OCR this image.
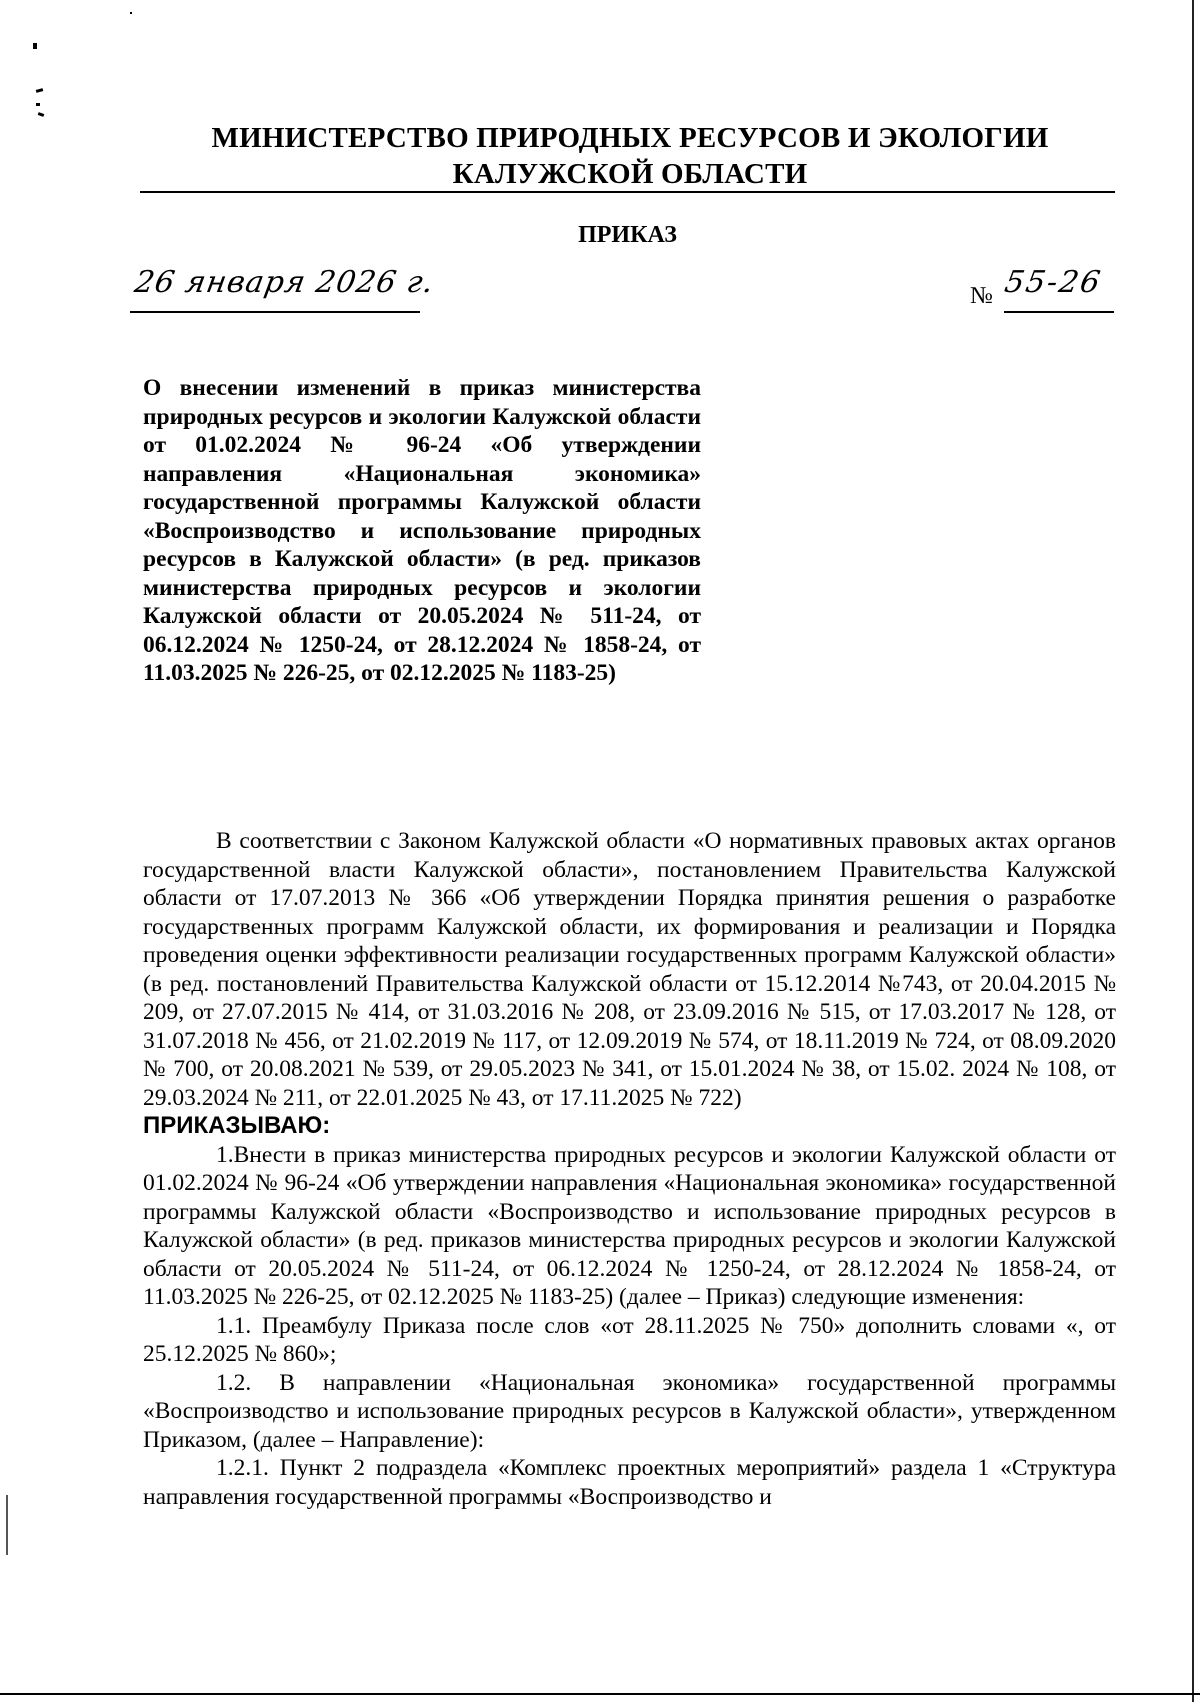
МИНИСТЕРСТВО ПРИРОДНЫХ РЕСУРСОВ И ЭКОЛОГИИ
КАЛУЖСКОЙ ОБЛАСТИ
ПРИКАЗ
26 января 2026 г.	№ 55-26
О внесении изменений в приказ министерства природных ресурсов и экологии Калужской области от 01.02.2024 № 96-24 «Об утверждении направления «Национальная экономика» государственной программы Калужской области «Воспроизводство и использование природных ресурсов в Калужской области» (в ред. приказов министерства природных ресурсов и экологии Калужской области от 20.05.2024 № 511-24, от 06.12.2024 № 1250-24, от 28.12.2024 № 1858-24, от 11.03.2025 № 226-25, от 02.12.2025 № 1183-25)

В соответствии с Законом Калужской области «О нормативных правовых актах органов государственной власти Калужской области», постановлением Правительства Калужской области от 17.07.2013 № 366 «Об утверждении Порядка принятия решения о разработке государственных программ Калужской области, их формирования и реализации и Порядка проведения оценки эффективности реализации государственных программ Калужской области» (в ред. постановлений Правительства Калужской области от 15.12.2014 №743, от 20.04.2015 № 209, от 27.07.2015 № 414, от 31.03.2016 № 208, от 23.09.2016 № 515, от 17.03.2017 № 128, от 31.07.2018 № 456, от 21.02.2019 № 117, от 12.09.2019 № 574, от 18.11.2019 № 724, от 08.09.2020 № 700, от 20.08.2021 № 539, от 29.05.2023 № 341, от 15.01.2024 № 38, от 15.02. 2024 № 108, от 29.03.2024 № 211, от 22.01.2025 № 43, от 17.11.2025 № 722)

ПРИКАЗЫВАЮ:

1.Внести в приказ министерства природных ресурсов и экологии Калужской области от 01.02.2024 № 96-24 «Об утверждении направления «Национальная экономика» государственной программы Калужской области «Воспроизводство и использование природных ресурсов в Калужской области» (в ред. приказов министерства природных ресурсов и экологии Калужской области от 20.05.2024 № 511-24, от 06.12.2024 № 1250-24, от 28.12.2024 № 1858-24, от 11.03.2025 № 226-25, от 02.12.2025 № 1183-25) (далее – Приказ) следующие изменения:

1.1. Преамбулу Приказа после слов «от 28.11.2025 № 750» дополнить словами «, от 25.12.2025 № 860»;

1.2. В направлении «Национальная экономика» государственной программы «Воспроизводство и использование природных ресурсов в Калужской области», утвержденном Приказом, (далее – Направление):

1.2.1. Пункт 2 подраздела «Комплекс проектных мероприятий» раздела 1 «Структура направления государственной программы «Воспроизводство и
